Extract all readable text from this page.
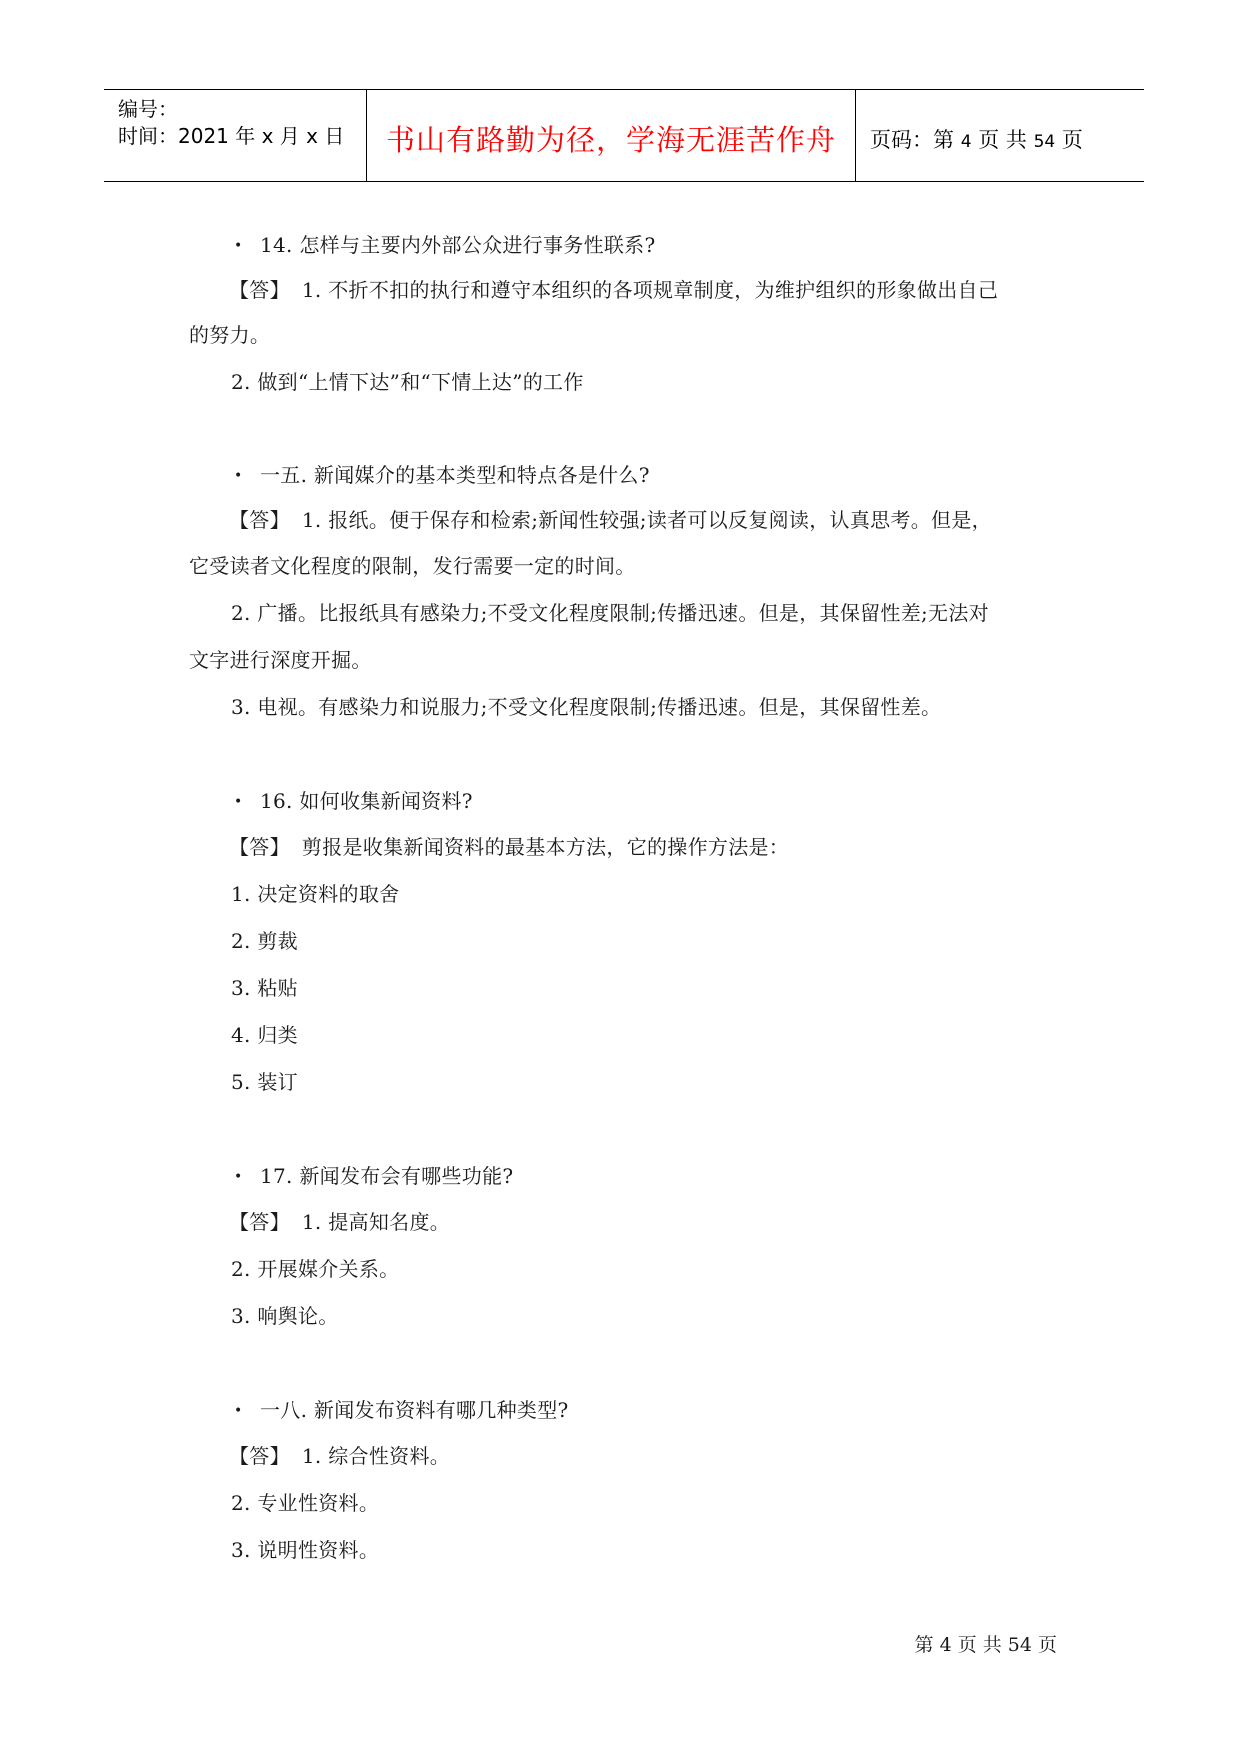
编号：
时间：2021 年 x 月 x 日	书山有路勤为径，学海无涯苦作舟	页码：第 4 页 共 54 页
• 14. 怎样与主要内外部公众进行事务性联系?
【答】 1. 不折不扣的执行和遵守本组织的各项规章制度，为维护组织的形象做出自己
的努力。
2. 做到“上情下达”和“下情上达”的工作
• 一五. 新闻媒介的基本类型和特点各是什么?
【答】 1. 报纸。便于保存和检索;新闻性较强;读者可以反复阅读，认真思考。但是，
它受读者文化程度的限制，发行需要一定的时间。
2. 广播。比报纸具有感染力;不受文化程度限制;传播迅速。但是，其保留性差;无法对
文字进行深度开掘。
3. 电视。有感染力和说服力;不受文化程度限制;传播迅速。但是，其保留性差。
• 16. 如何收集新闻资料?
【答】 剪报是收集新闻资料的最基本方法，它的操作方法是：
1. 决定资料的取舍
2. 剪裁
3. 粘贴
4. 归类
5. 装订
• 17. 新闻发布会有哪些功能?
【答】 1. 提高知名度。
2. 开展媒介关系。
3. 响舆论。
• 一八. 新闻发布资料有哪几种类型?
【答】 1. 综合性资料。
2. 专业性资料。
3. 说明性资料。
第 4 页 共 54 页
